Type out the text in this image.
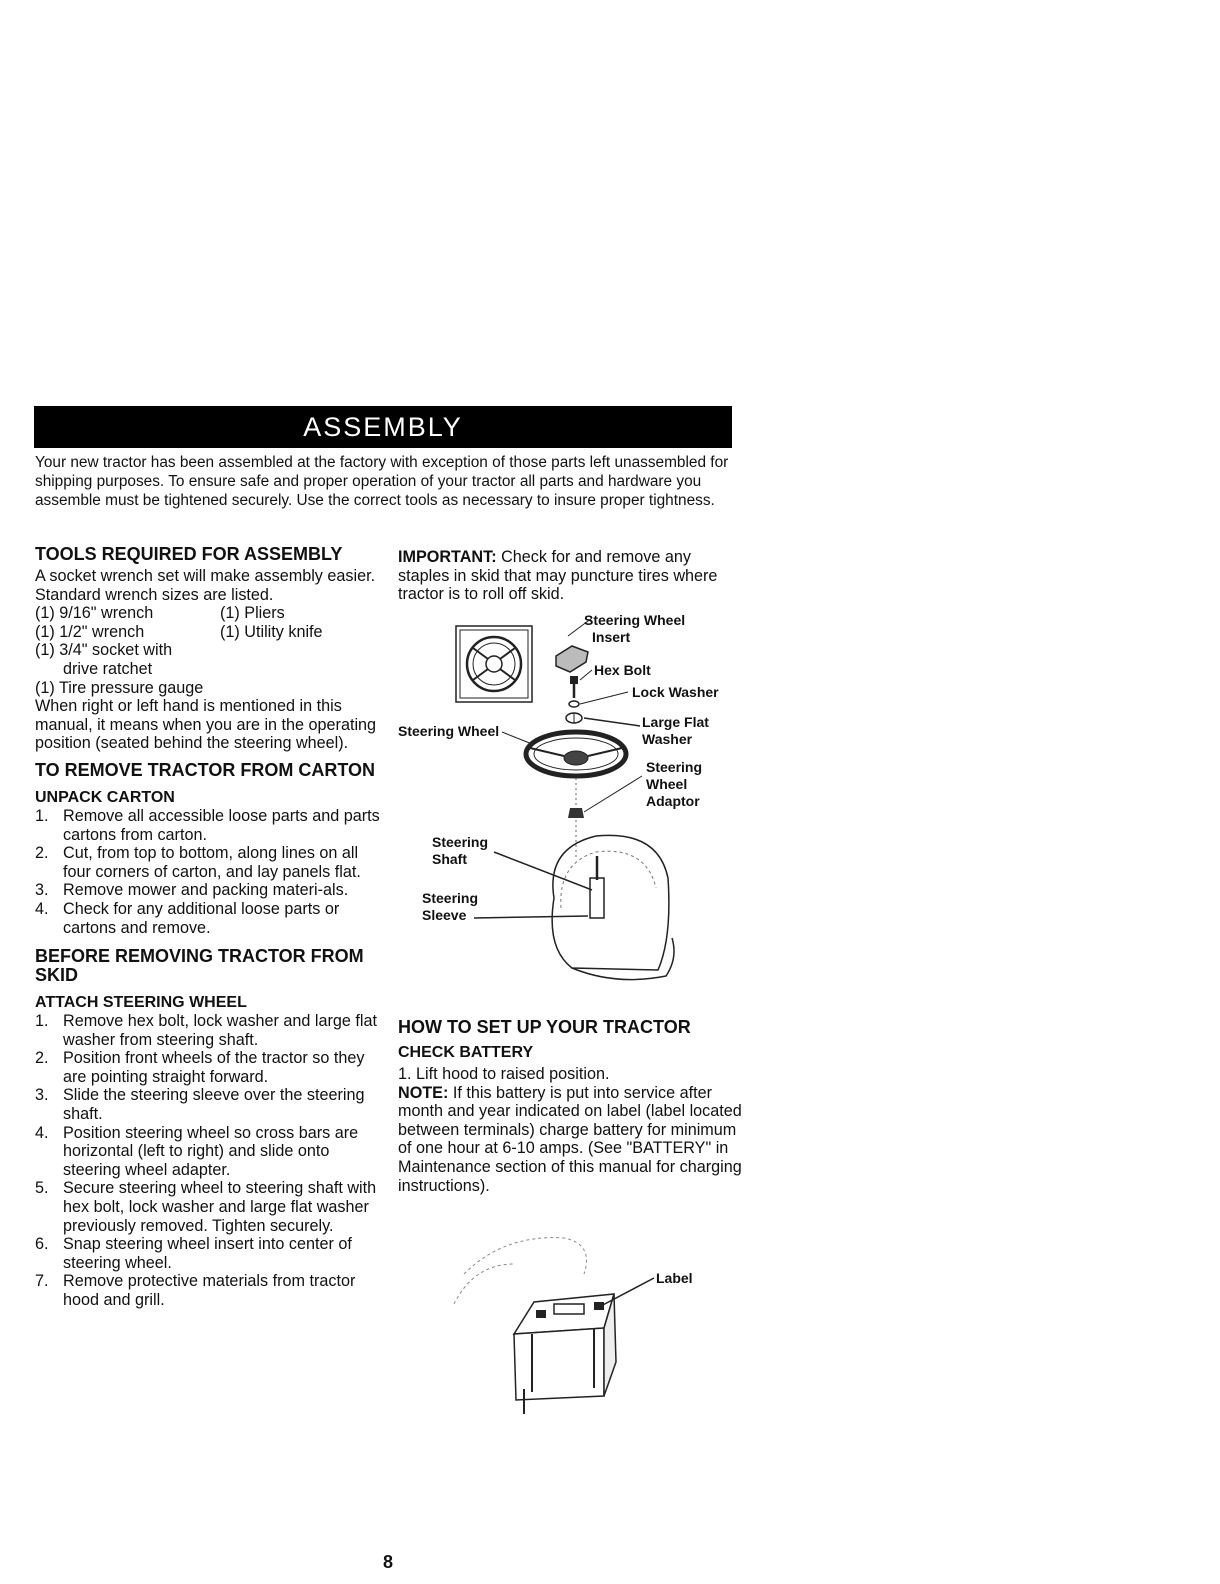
ASSEMBLY

Your new tractor has been assembled at the factory with exception of those parts left unassembled for shipping purposes. To ensure safe and proper operation of your tractor all parts and hardware you assemble must be tightened securely. Use the correct tools as necessary to insure proper tightness.

TOOLS REQUIRED FOR ASSEMBLY

A socket wrench set will make assembly easier. Standard wrench sizes are listed.

(1) 9/16" wrench	(1) Pliers
(1) 1/2" wrench	(1) Utility knife
(1) 3/4" socket with
drive ratchet
(1) Tire pressure gauge

When right or left hand is mentioned in this manual, it means when you are in the operating position (seated behind the steering wheel).

TO REMOVE TRACTOR FROM CARTON
UNPACK CARTON
1. Remove all accessible loose parts and parts cartons from carton.
2. Cut, from top to bottom, along lines on all four corners of carton, and lay panels flat.
3. Remove mower and packing materi-als.
4. Check for any additional loose parts or cartons and remove.
BEFORE REMOVING TRACTOR FROM SKID
ATTACH STEERING WHEEL
1. Remove hex bolt, lock washer and large flat washer from steering shaft.
2. Position front wheels of the tractor so they are pointing straight forward.
3. Slide the steering sleeve over the steering shaft.
4. Position steering wheel so cross bars are horizontal (left to right) and slide onto steering wheel adapter.
5. Secure steering wheel to steering shaft with hex bolt, lock washer and large flat washer previously removed. Tighten securely.
6. Snap steering wheel insert into center of steering wheel.
7. Remove protective materials from tractor hood and grill.

IMPORTANT: Check for and remove any staples in skid that may puncture tires where tractor is to roll off skid.

Steering Wheel
Insert
Hex Bolt
Lock Washer
Large Flat
Washer
Steering Wheel
Steering
Wheel
Adaptor
Steering
Shaft
Steering
Sleeve
HOW TO SET UP YOUR TRACTOR
CHECK BATTERY

1. Lift hood to raised position.

NOTE: If this battery is put into service after month and year indicated on label (label located between terminals) charge battery for minimum of one hour at 6-10 amps. (See "BATTERY" in Maintenance section of this manual for charging instructions).

Label
8
